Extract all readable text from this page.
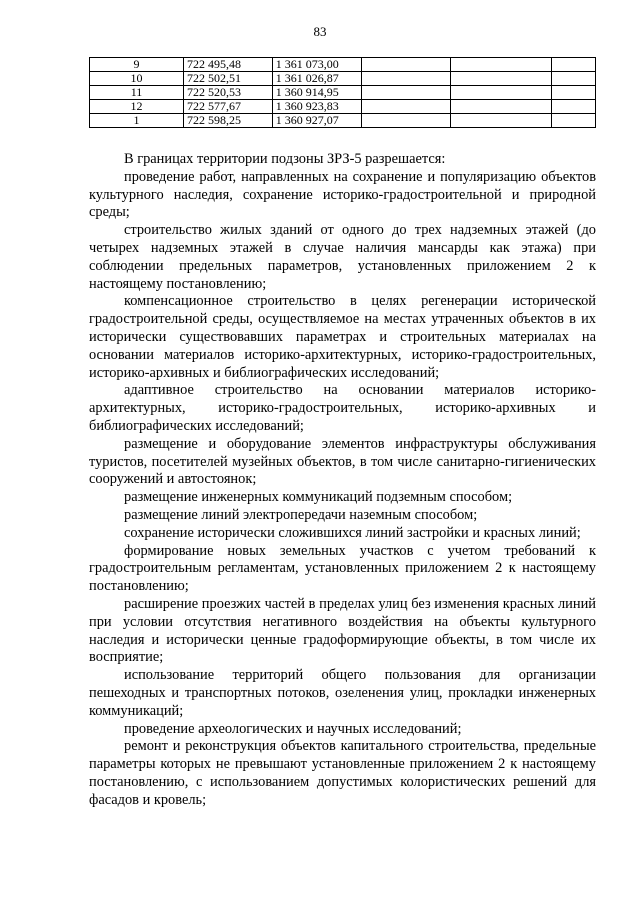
83
9	722 495,48	1 361 073,00			
10	722 502,51	1 361 026,87			
11	722 520,53	1 360 914,95			
12	722 577,67	1 360 923,83			
1	722 598,25	1 360 927,07			

В границах территории подзоны ЗРЗ-5 разрешается:

проведение работ, направленных на сохранение и популяризацию объектов культурного наследия, сохранение историко-градостроительной и природной среды;

строительство жилых зданий от одного до трех надземных этажей (до четырех надземных этажей в случае наличия мансарды как этажа) при соблюдении предельных параметров, установленных приложением 2 к настоящему постановлению;

компенсационное строительство в целях регенерации исторической градостроительной среды, осуществляемое на местах утраченных объектов в их исторически существовавших параметрах и строительных материалах на основании материалов историко-архитектурных, историко-градостроительных, историко-архивных и библиографических исследований;

адаптивное строительство на основании материалов историко-архитектурных, историко-градостроительных, историко-архивных и библиографических исследований;

размещение и оборудование элементов инфраструктуры обслуживания туристов, посетителей музейных объектов, в том числе санитарно-гигиенических сооружений и автостоянок;

размещение инженерных коммуникаций подземным способом;

размещение линий электропередачи наземным способом;

сохранение исторически сложившихся линий застройки и красных линий;

формирование новых земельных участков с учетом требований к градостроительным регламентам, установленных приложением 2 к настоящему постановлению;

расширение проезжих частей в пределах улиц без изменения красных линий при условии отсутствия негативного воздействия на объекты культурного наследия и исторически ценные градоформирующие объекты, в том числе их восприятие;

использование территорий общего пользования для организации пешеходных и транспортных потоков, озеленения улиц, прокладки инженерных коммуникаций;

проведение археологических и научных исследований;

ремонт и реконструкция объектов капитального строительства, предельные параметры которых не превышают установленные приложением 2 к настоящему постановлению, с использованием допустимых колористических решений для фасадов и кровель;
